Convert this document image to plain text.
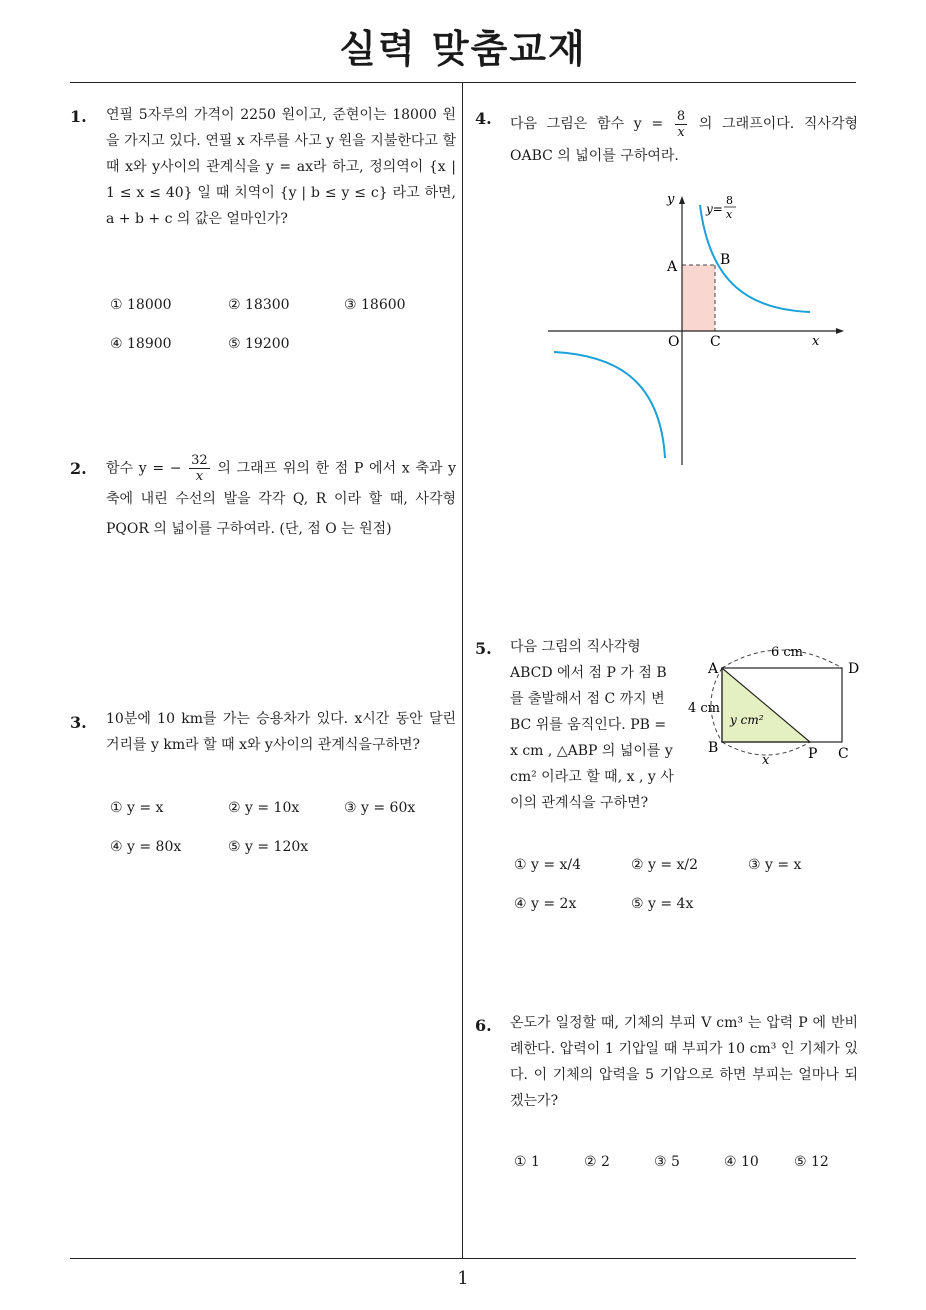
실력 맞춤교재
1
1. 연필 5자루의 가격이 2250 원이고, 준현이는 18000 원을 가지고 있다. 연필 x 자루를 사고 y 원을 지불한다고 할 때 x와 y사이의 관계식을 y = ax라 하고, 정의역이 {x | 1 ≤ x ≤ 40} 일 때 치역이 {y | b ≤ y ≤ c} 라고 하면, a + b + c 의 값은 얼마인가?
① 18000	② 18300	③ 18600
④ 18900	⑤ 19200
2. 함수 y = − $\frac{32}{x}$ 의 그래프 위의 한 점 P 에서 x 축과 y 축에 내린 수선의 발을 각각 Q, R 이라 할 때, 사각형 PQOR 의 넓이를 구하여라. (단, 점 O 는 원점)
3. 10분에 10 km를 가는 승용차가 있다. x시간 동안 달린 거리를 y km라 할 때 x와 y사이의 관계식을구하면?
① y = x	② y = 10x	③ y = 60x
④ y = 80x	⑤ y = 120x
4. 다음 그림은 함수 $y = \frac{8}{x}$ 의 그래프이다. 직사각형 OABC 의 넓이를 구하여라.
y
x
y=
8
x
A	B
O C
5. 다음 그림의 직사각형 ABCD 에서 점 P 가 점 B 를 출발해서 점 C 까지 변 BC 위를 움직인다. PB = x cm , △ABP 의 넓이를 y cm² 이라고 할 때, x , y 사이의 관계식을 구하면?
6 cm
4 cm
y cm²
x
A	D
B	P C
① y = x/4	② y = x/2	③ y = x
④ y = 2x	⑤ y = 4x
6. 온도가 일정할 때, 기체의 부피 V cm³ 는 압력 P 에 반비례한다. 압력이 1 기압일 때 부피가 10 cm³ 인 기체가 있다. 이 기체의 압력을 5 기압으로 하면 부피는 얼마나 되겠는가?
① 1	② 2	③ 5	④ 10	⑤ 12
